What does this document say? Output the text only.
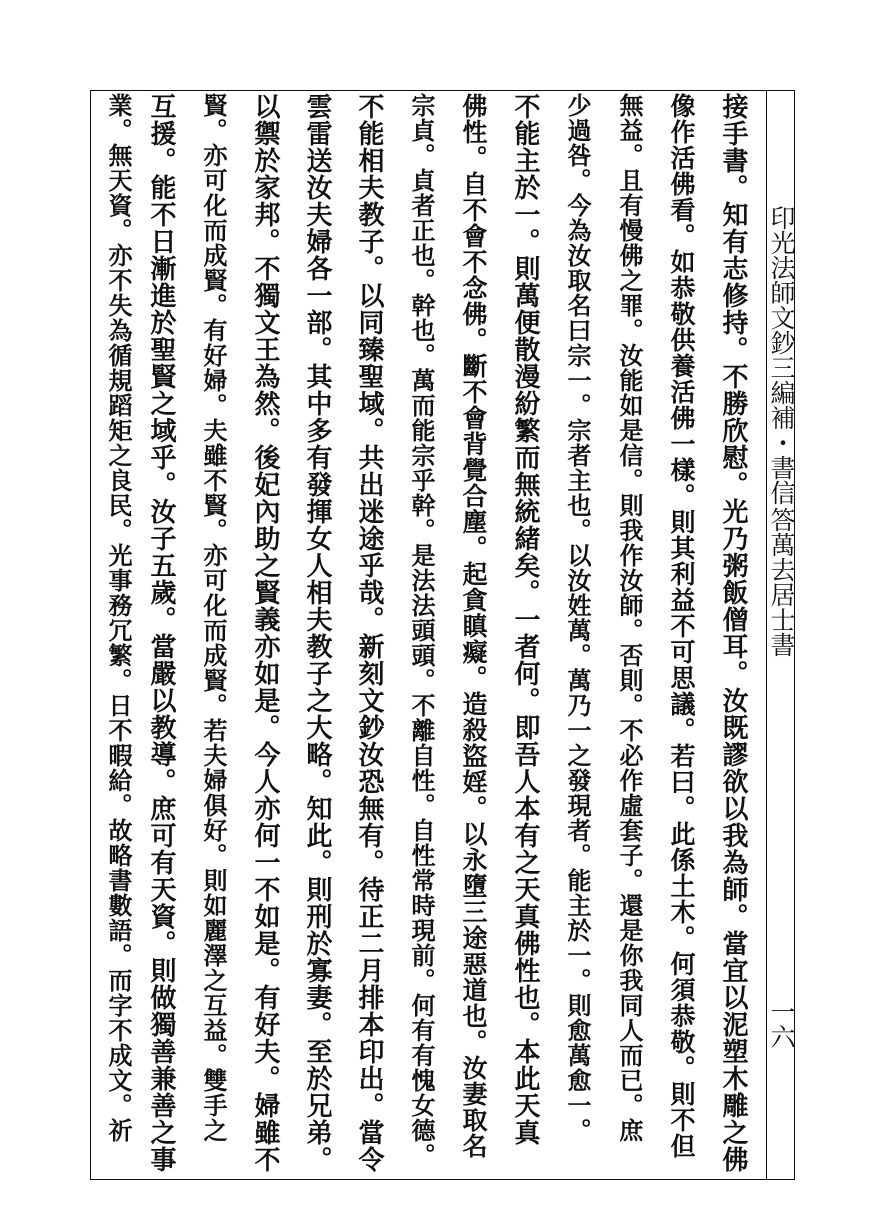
印光法師文鈔三編補・書信
答萬去居士書
一六
接手書。知有志修持。不勝欣慰。光乃粥飯僧耳。汝既謬欲以我為師。當宜以泥塑木雕之佛
像作活佛看。如恭敬供養活佛一樣。則其利益不可思議。若曰。此係土木。何須恭敬。則不但
無益。且有慢佛之罪。汝能如是信。則我作汝師。否則。不必作虛套子。還是你我同人而已。庶
少過咎。今為汝取名曰宗一。宗者主也。以汝姓萬。萬乃一之發現者。能主於一。則愈萬愈一。
不能主於一。則萬便散漫紛繁而無統緒矣。一者何。即吾人本有之天真佛性也。本此天真
佛性。自不會不念佛。斷不會背覺合塵。起貪瞋癡。造殺盜婬。以永墮三途惡道也。汝妻取名
宗貞。貞者正也。幹也。萬而能宗乎幹。是法法頭頭。不離自性。自性常時現前。何有有愧女德。
不能相夫教子。以同臻聖域。共出迷途乎哉。新刻文鈔汝恐無有。待正二月排本印出。當令
雲雷送汝夫婦各一部。其中多有發揮女人相夫教子之大略。知此。則刑於寡妻。至於兄弟。
以禦於家邦。不獨文王為然。後妃內助之賢義亦如是。今人亦何一不如是。有好夫。婦雖不
賢。亦可化而成賢。有好婦。夫雖不賢。亦可化而成賢。若夫婦俱好。則如麗澤之互益。雙手之
互援。能不日漸進於聖賢之域乎。汝子五歲。當嚴以教導。庶可有天資。則做獨善兼善之事
業。無天資。亦不失為循規蹈矩之良民。光事務冗繁。日不暇給。故略書數語。而字不成文。祈
